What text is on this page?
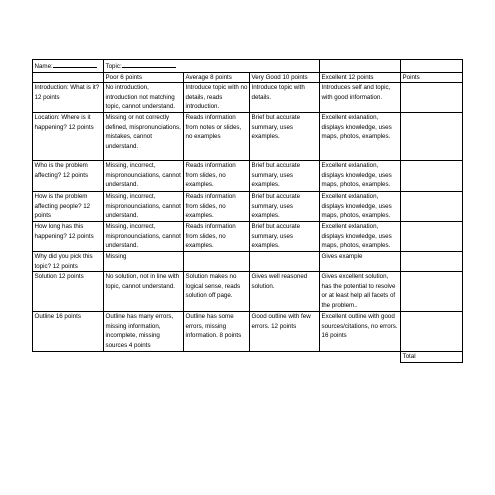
Name:	Topic:				
	Poor 6 points	Average 8 points	Very Good 10 points	Excellent 12 points	Points
Introduction: What is it? 12 points	No introduction, introduction not matching topic, cannot understand.	Introduce topic with no details, reads introduction.	Introduce topic with details.	Introduces self and topic, with good information.	
Location: Where is it happening? 12 points	Missing or not correctly defined, mispronunciations, mistakes, cannot understand.	Reads information from notes or slides, no examples	Brief but accurate summary, uses examples.	Excellent exlanation, displays knowledge, uses maps, photos, examples.	
Who is the problem affecting? 12 points	Missing, incorrect, mispronounciations, cannot understand.	Reads information from slides, no examples.	Brief but accurate summary, uses examples.	Excellent exlanation, displays knowledge, uses maps, photos, examples.	
How is the problem affecting people? 12 points	Missing, incorrect, mispronounciations, cannot understand.	Reads information from slides, no examples.	Brief but accurate summary, uses examples.	Excellent exlanation, displays knowledge, uses maps, photos, examples.	
How long has this happening? 12 points	Missing, incorrect, mispronounciations, cannot understand.	Reads information from slides, no examples.	Brief but accurate summary, uses examples.	Excellent exlanation, displays knowledge, uses maps, photos, examples.	
Why did you pick this topic? 12 points	Missing			Gives example	
Solution 12 points	No solution, not in line with topic, cannot understand.	Solution makes no logical sense, reads solution off page.	Gives well reasoned solution.	Gives excellent solution, has the potential to resolve or at least help all facets of the problem..	
Outline 16 points	Outline has many errors, missing information, incomplete, missing sources 4 points	Outline has some errors, missing information. 8 points	Good outline with few errors. 12 points	Excellent outline with good sources/citations, no errors. 16 points	
					Total
